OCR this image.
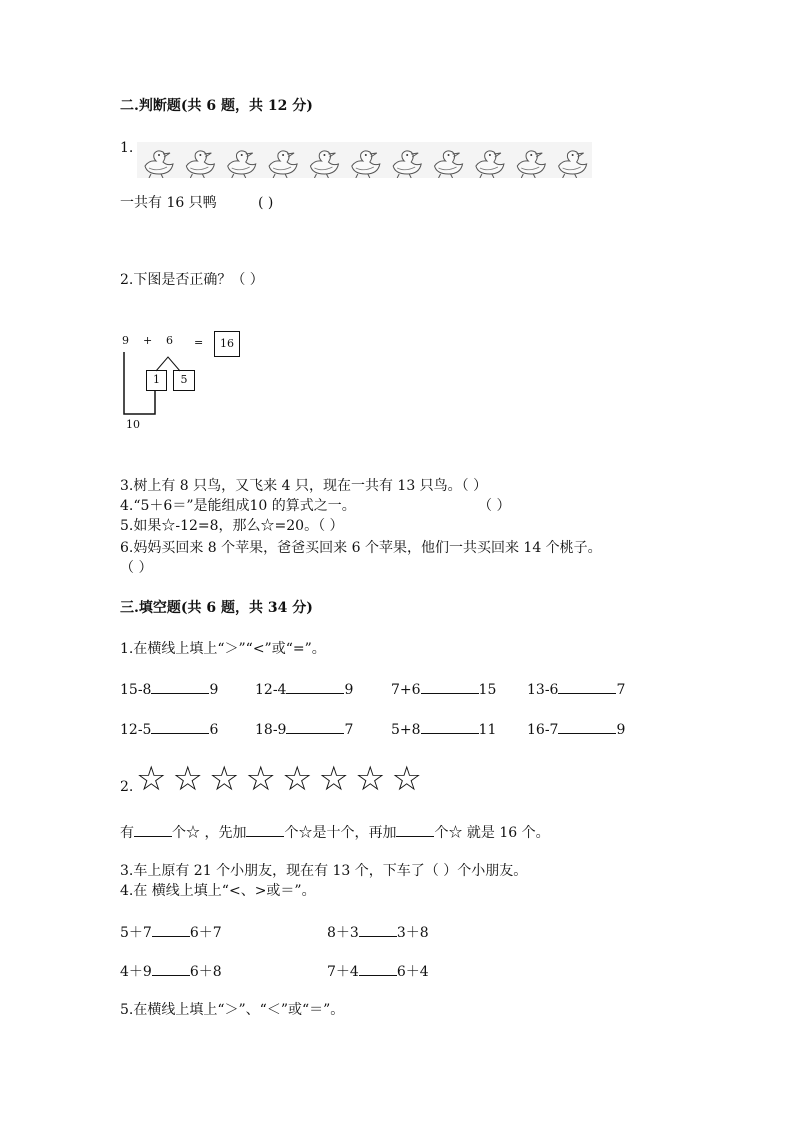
二.判断题(共 6 题，共 12 分)
1.
一共有 16 只鸭	( )
2.下图是否正确？（ ）
9 + 6 =	16
1	5
10
3.树上有 8 只鸟，又飞来 4 只，现在一共有 13 只鸟。（ ）
4.“5＋6＝”是能组成10 的算式之一。	（ ）
5.如果☆-12=8，那么☆=20。（ ）
6.妈妈买回来 8 个苹果，爸爸买回来 6 个苹果，他们一共买回来 14 个桃子。
（ ）
三.填空题(共 6 题，共 34 分)
1.在横线上填上“＞”“<”或“=”。
15-8	9	12-4	9	7+6	15 13-6	7
12-5	6	18-9	7	5+8	11 16-7	9
2. ☆ ☆ ☆ ☆ ☆ ☆ ☆ ☆
有	个☆ ，先加	个☆是十个，再加	个☆ 就是 16 个。
3.车上原有 21 个小朋友，现在有 13 个，下车了（ ）个小朋友。
4.在 横线上填上“<、>或＝”。
5＋7	6＋7	8＋3	3＋8
4＋9	6＋8	7＋4	6＋4
5.在横线上填上“＞”、“＜”或“＝”。
